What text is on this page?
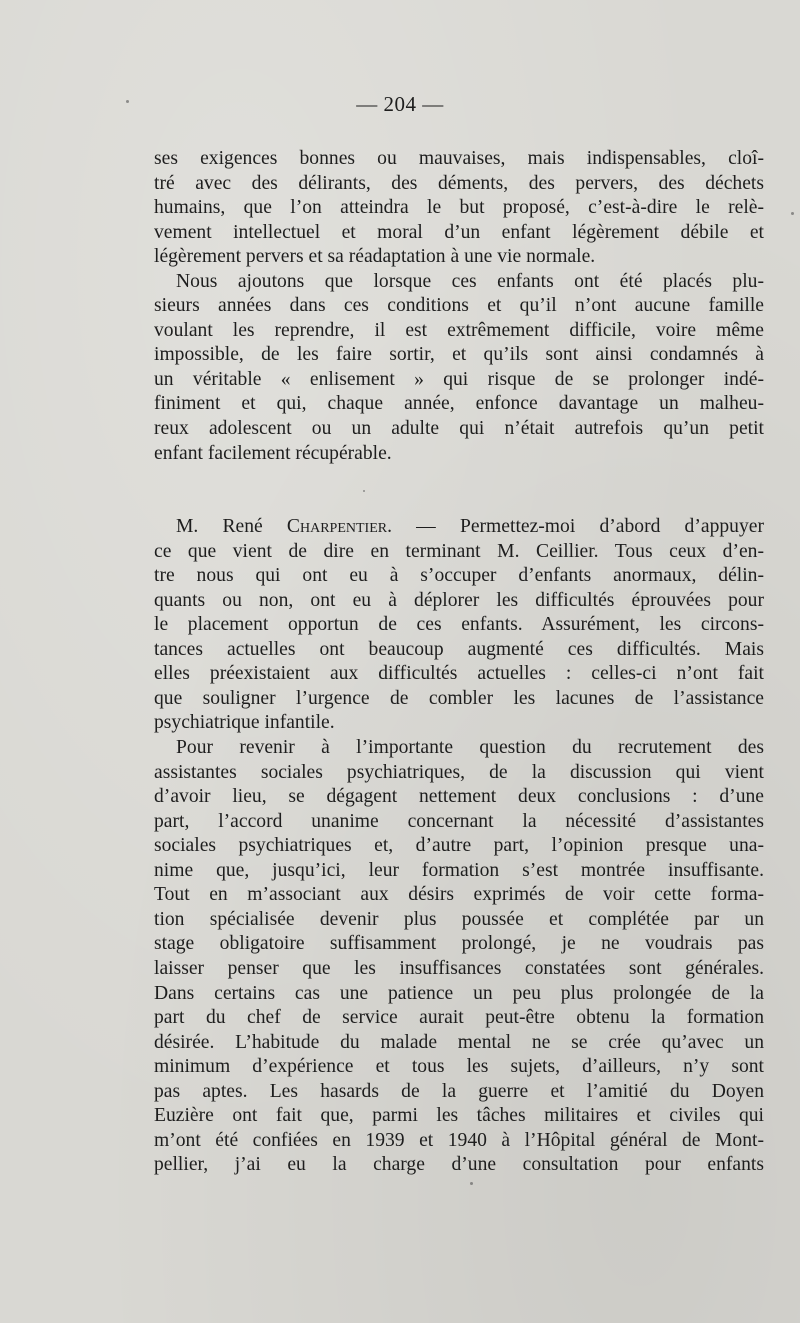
— 204 —
ses exigences bonnes ou mauvaises, mais indispensables, cloî-
tré avec des délirants, des déments, des pervers, des déchets
humains, que l’on atteindra le but proposé, c’est-à-dire le relè-
vement intellectuel et moral d’un enfant légèrement débile et
légèrement pervers et sa réadaptation à une vie normale.
Nous ajoutons que lorsque ces enfants ont été placés plu-
sieurs années dans ces conditions et qu’il n’ont aucune famille
voulant les reprendre, il est extrêmement difficile, voire même
impossible, de les faire sortir, et qu’ils sont ainsi condamnés à
un véritable « enlisement » qui risque de se prolonger indé-
finiment et qui, chaque année, enfonce davantage un malheu-
reux adolescent ou un adulte qui n’était autrefois qu’un petit
enfant facilement récupérable.
M. René Charpentier. — Permettez-moi d’abord d’appuyer
ce que vient de dire en terminant M. Ceillier. Tous ceux d’en-
tre nous qui ont eu à s’occuper d’enfants anormaux, délin-
quants ou non, ont eu à déplorer les difficultés éprouvées pour
le placement opportun de ces enfants. Assurément, les circons-
tances actuelles ont beaucoup augmenté ces difficultés. Mais
elles préexistaient aux difficultés actuelles : celles-ci n’ont fait
que souligner l’urgence de combler les lacunes de l’assistance
psychiatrique infantile.
Pour revenir à l’importante question du recrutement des
assistantes sociales psychiatriques, de la discussion qui vient
d’avoir lieu, se dégagent nettement deux conclusions : d’une
part, l’accord unanime concernant la nécessité d’assistantes
sociales psychiatriques et, d’autre part, l’opinion presque una-
nime que, jusqu’ici, leur formation s’est montrée insuffisante.
Tout en m’associant aux désirs exprimés de voir cette forma-
tion spécialisée devenir plus poussée et complétée par un
stage obligatoire suffisamment prolongé, je ne voudrais pas
laisser penser que les insuffisances constatées sont générales.
Dans certains cas une patience un peu plus prolongée de la
part du chef de service aurait peut-être obtenu la formation
désirée. L’habitude du malade mental ne se crée qu’avec un
minimum d’expérience et tous les sujets, d’ailleurs, n’y sont
pas aptes. Les hasards de la guerre et l’amitié du Doyen
Euzière ont fait que, parmi les tâches militaires et civiles qui
m’ont été confiées en 1939 et 1940 à l’Hôpital général de Mont-
pellier, j’ai eu la charge d’une consultation pour enfants
